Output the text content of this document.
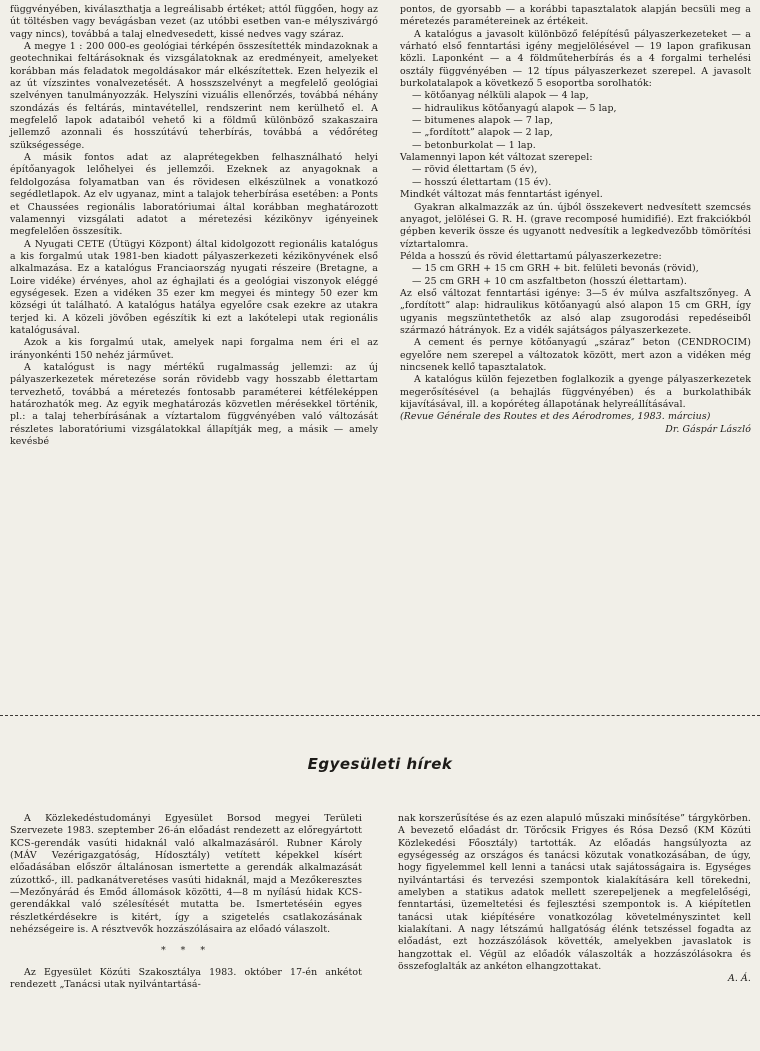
függvényében, kiválaszthatja a legreálisabb értéket; attól függően, hogy az út töltésben vagy bevágásban vezet (az utóbbi esetben van-e mélyszivárgó vagy nincs), továbbá a talaj elnedvesedett, kissé nedves vagy száraz.

A megye 1 : 200 000-es geológiai térképén összesítették mindazoknak a geotechnikai feltárásoknak és vizsgálatoknak az eredményeit, amelyeket korábban más feladatok megoldásakor már elkészítettek. Ezen helyezik el az út vízszintes vonalvezetését. A hosszszelvényt a megfelelő geológiai szelvényen tanulmányozzák. Helyszíni vizuális ellenőrzés, továbbá néhány szondázás és feltárás, mintavétellel, rendszerint nem kerülhető el. A megfelelő lapok adataiból vehető ki a földmű különböző szakaszaira jellemző azonnali és hosszútávú teherbírás, továbbá a védőréteg szükségessége.

A másik fontos adat az alaprétegekben felhasználható helyi építőanyagok lelőhelyei és jellemzői. Ezeknek az anyagoknak a feldolgozása folyamatban van és rövidesen elkészülnek a vonatkozó segédletlapok. Az elv ugyanaz, mint a talajok teherbírása esetében: a Ponts et Chaussées regionális laboratóriumai által korábban meghatározott valamennyi vizsgálati adatot a méretezési kézikönyv igényeinek megfelelően összesítik.

A Nyugati CETE (Útügyi Központ) által kidolgozott regionális katalógus a kis forgalmú utak 1981-ben kiadott pályaszerkezeti kézikönyvének első alkalmazása. Ez a katalógus Franciaország nyugati részeire (Bretagne, a Loire vidéke) érvényes, ahol az éghajlati és a geológiai viszonyok eléggé egységesek. Ezen a vidéken 35 ezer km megyei és mintegy 50 ezer km községi út található. A katalógus hatálya egyelőre csak ezekre az utakra terjed ki. A közeli jövőben egészítik ki ezt a lakótelepi utak regionális katalógusával.

Azok a kis forgalmú utak, amelyek napi forgalma nem éri el az irányonkénti 150 nehéz járművet.

A katalógust is nagy mértékű rugalmasság jellemzi: az új pályaszerkezetek méretezése során rövidebb vagy hosszabb élettartam tervezhető, továbbá a méretezés fontosabb paraméterei kétféleképpen határozhatók meg. Az egyik meghatározás közvetlen mérésekkel történik, pl.: a talaj teherbírásának a víztartalom függvényében való változását részletes laboratóriumi vizsgálatokkal állapítják meg, a másik — amely kevésbé

pontos, de gyorsabb — a korábbi tapasztalatok alapján becsüli meg a méretezés paramétereinek az értékeit.

A katalógus a javasolt különböző felépítésű pályaszerkezeteket — a várható első fenntartási igény megjelölésével — 19 lapon grafikusan közli. Laponként — a 4 földműteherbírás és a 4 forgalmi terhelési osztály függvényében — 12 típus pályaszerkezet szerepel. A javasolt burkolatalapok a következő 5 esoportba sorolhatók:

— kötőanyag nélküli alapok — 4 lap,

— hidraulikus kötőanyagú alapok — 5 lap,

— bitumenes alapok — 7 lap,

— „fordított” alapok — 2 lap,

— betonburkolat — 1 lap.

Valamennyi lapon két változat szerepel:

— rövid élettartam (5 év),

— hosszú élettartam (15 év).

Mindkét változat más fenntartást igényel.

Gyakran alkalmazzák az ún. újból összekevert nedvesített szemcsés anyagot, jelölései G. R. H. (grave recomposé humidifié). Ezt frakciókból gépben keverik össze és ugyanott nedvesítik a legkedvezőbb tömörítési víztartalomra.

Példa a hosszú és rövid élettartamú pályaszerkezetre:

— 15 cm GRH + 15 cm GRH + bit. felületi bevonás (rövid),

— 25 cm GRH + 10 cm aszfaltbeton (hosszú élettartam).

Az első változat fenntartási igénye: 3—5 év múlva aszfaltszőnyeg. A „fordított” alap: hidraulikus kötőanyagú alsó alapon 15 cm GRH, így ugyanis megszüntethetők az alsó alap zsugorodási repedéseiből származó hátrányok. Ez a vidék sajátságos pályaszerkezete.

A cement és pernye kötőanyagú „száraz” beton (CENDROCIM) egyelőre nem szerepel a változatok között, mert azon a vidéken még nincsenek kellő tapasztalatok.

A katalógus külön fejezetben foglalkozik a gyenge pályaszerkezetek megerősítésével (a behajlás függvényében) és a burkolathibák kijavításával, ill. a kopóréteg állapotának helyreállításával.

(Revue Générale des Routes et des Aérodromes, 1983. március)

Dr. Gáspár László

Egyesületi hírek

A Közlekedéstudományi Egyesület Borsod megyei Területi Szervezete 1983. szeptember 26-án előadást rendezett az előregyártott KCS-gerendák vasúti hidaknál való alkalmazásáról. Rubner Károly (MÁV Vezérigazgatóság, Hídosztály) vetített képekkel kísért előadásában először általánosan ismertette a gerendák alkalmazását zúzottkő-, ill. padkanátveretéses vasúti hidaknál, majd a Mezőkeresztes—Mezőnyárád és Emőd állomások közötti, 4—8 m nyílású hidak KCS-gerendákkal való szélesítését mutatta be. Ismertetéséin egyes részletkérdésekre is kitért, így a szigetelés csatlakozásának nehézségeire is. A résztvevők hozzászólásaira az előadó válaszolt.

* * *

Az Egyesület Közúti Szakosztálya 1983. október 17-én ankétot rendezett „Tanácsi utak nyilvántartásá-

nak korszerűsítése és az ezen alapuló műszaki minősítése” tárgykörben. A bevezető előadást dr. Törőcsik Frigyes és Rósa Dezső (KM Közúti Közlekedési Főosztály) tartották. Az előadás hangsúlyozta az egységesség az országos és tanácsi közutak vonatkozásában, de úgy, hogy figyelemmel kell lenni a tanácsi utak sajátosságaira is. Egységes nyilvántartási és tervezési szempontok kialakítására kell törekedni, amelyben a statikus adatok mellett szerepeljenek a megfelelőségi, fenntartási, üzemeltetési és fejlesztési szempontok is. A kiépítetlen tanácsi utak kiépítésére vonatkozólag követelményszintet kell kialakítani. A nagy létszámú hallgatóság élénk tetszéssel fogadta az előadást, ezt hozzászólások követték, amelyekben javaslatok is hangzottak el. Végül az előadók válaszolták a hozzászólásokra és összefoglalták az ankéton elhangzottakat.

A. Á.
